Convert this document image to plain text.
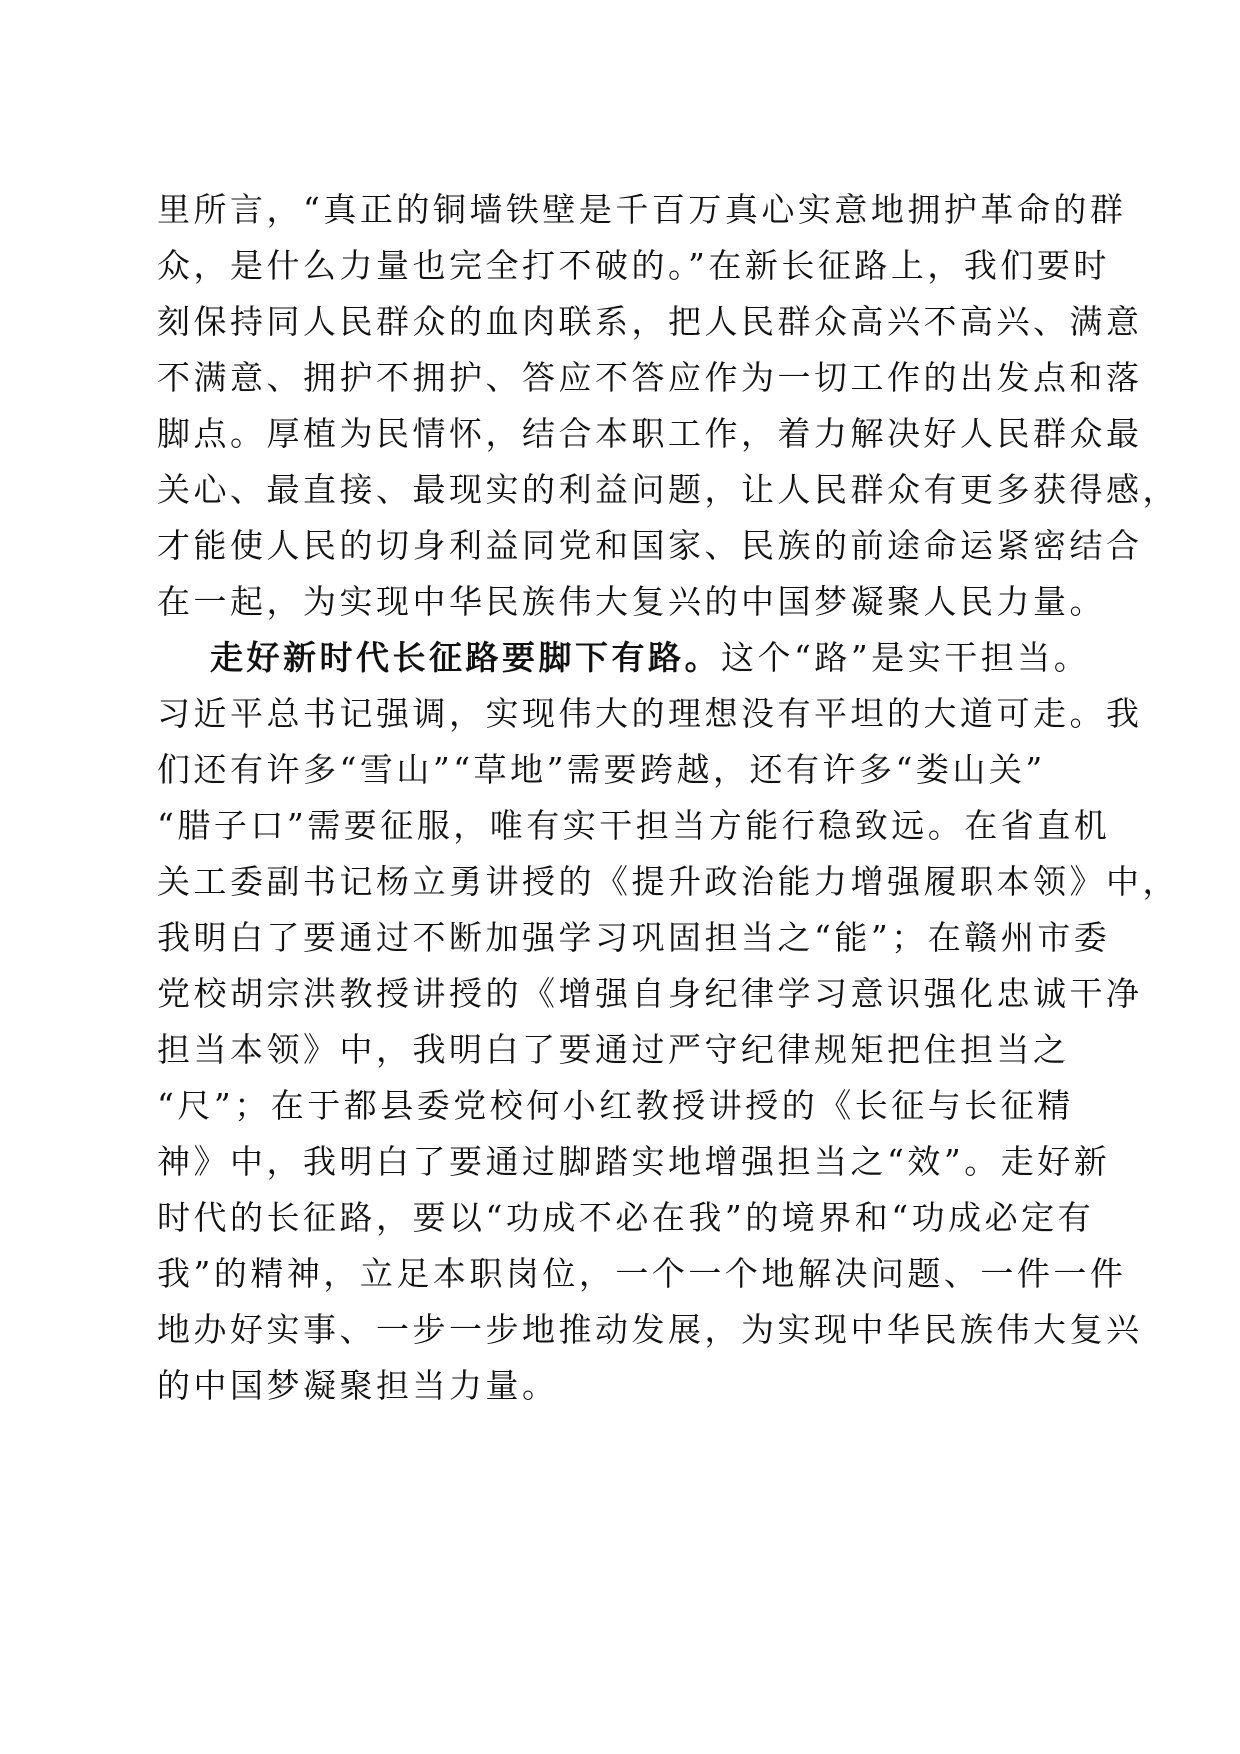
里所言，“真正的铜墙铁壁是千百万真心实意地拥护革命的群
众，是什么力量也完全打不破的。”在新长征路上，我们要时
刻保持同人民群众的血肉联系，把人民群众高兴不高兴、满意
不满意、拥护不拥护、答应不答应作为一切工作的出发点和落
脚点。厚植为民情怀，结合本职工作，着力解决好人民群众最
关心、最直接、最现实的利益问题，让人民群众有更多获得感，
才能使人民的切身利益同党和国家、民族的前途命运紧密结合
在一起，为实现中华民族伟大复兴的中国梦凝聚人民力量。
走好新时代长征路要脚下有路。这个“路”是实干担当。
习近平总书记强调，实现伟大的理想没有平坦的大道可走。我
们还有许多“雪山”“草地”需要跨越，还有许多“娄山关”
“腊子口”需要征服，唯有实干担当方能行稳致远。在省直机
关工委副书记杨立勇讲授的《提升政治能力增强履职本领》中，
我明白了要通过不断加强学习巩固担当之“能”；在赣州市委
党校胡宗洪教授讲授的《增强自身纪律学习意识强化忠诚干净
担当本领》中，我明白了要通过严守纪律规矩把住担当之
“尺”；在于都县委党校何小红教授讲授的《长征与长征精
神》中，我明白了要通过脚踏实地增强担当之“效”。走好新
时代的长征路，要以“功成不必在我”的境界和“功成必定有
我”的精神，立足本职岗位，一个一个地解决问题、一件一件
地办好实事、一步一步地推动发展，为实现中华民族伟大复兴
的中国梦凝聚担当力量。
